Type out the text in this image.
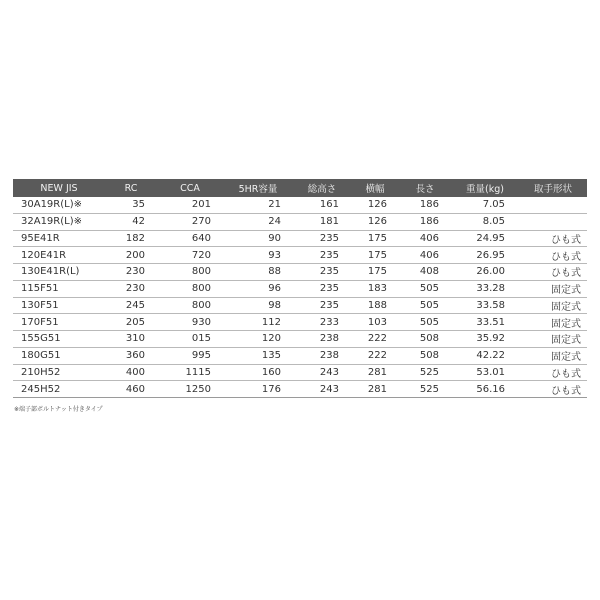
NEW JIS	RC	CCA	5HR容量	総高さ	横幅	長さ	重量(kg)	取手形状
30A19R(L)※	35	201	21	161	126	186	7.05	
32A19R(L)※	42	270	24	181	126	186	8.05	
95E41R	182	640	90	235	175	406	24.95	ひも式
120E41R	200	720	93	235	175	406	26.95	ひも式
130E41R(L)	230	800	88	235	175	408	26.00	ひも式
115F51	230	800	96	235	183	505	33.28	固定式
130F51	245	800	98	235	188	505	33.58	固定式
170F51	205	930	112	233	103	505	33.51	固定式
155G51	310	015	120	238	222	508	35.92	固定式
180G51	360	995	135	238	222	508	42.22	固定式
210H52	400	1115	160	243	281	525	53.01	ひも式
245H52	460	1250	176	243	281	525	56.16	ひも式
※端子部ボルトナット付きタイプ
